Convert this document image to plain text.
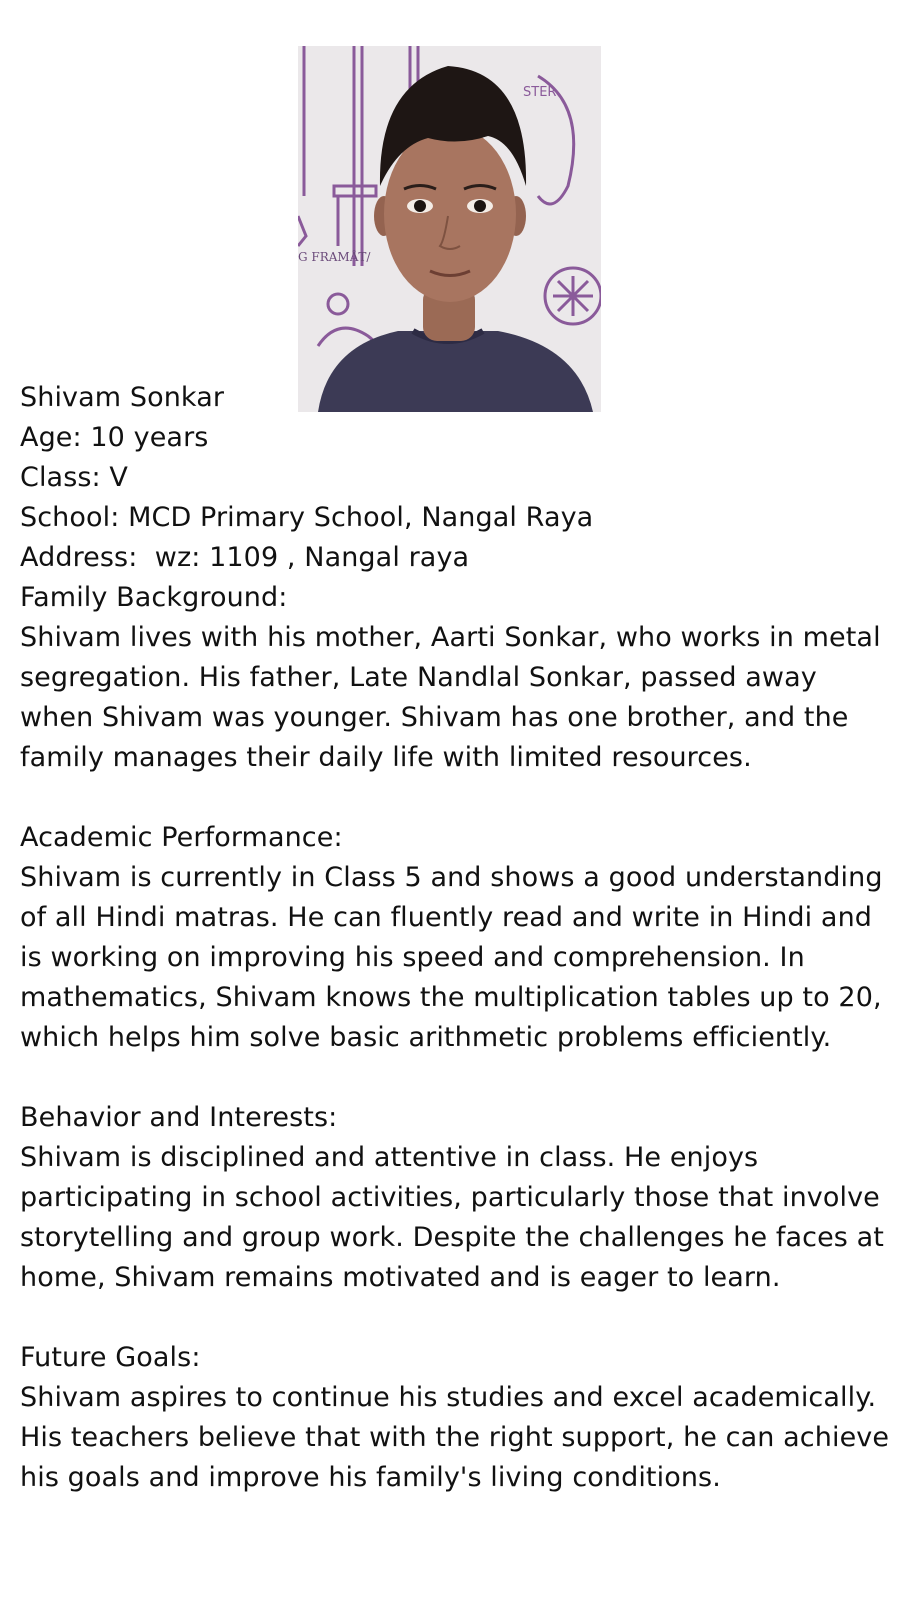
STER
G FRAMÅT/
Shivam Sonkar
Age: 10 years
Class: V
School: MCD Primary School, Nangal Raya
Address:  wz: 1109 , Nangal raya
Family Background:
Shivam lives with his mother, Aarti Sonkar, who works in metal segregation. His father, Late Nandlal Sonkar, passed away when Shivam was younger. Shivam has one brother, and the family manages their daily life with limited resources.
Academic Performance:
Shivam is currently in Class 5 and shows a good understanding of all Hindi matras. He can fluently read and write in Hindi and is working on improving his speed and comprehension. In mathematics, Shivam knows the multiplication tables up to 20, which helps him solve basic arithmetic problems efficiently.
Behavior and Interests:
Shivam is disciplined and attentive in class. He enjoys participating in school activities, particularly those that involve storytelling and group work. Despite the challenges he faces at home, Shivam remains motivated and is eager to learn.
Future Goals:
Shivam aspires to continue his studies and excel academically. His teachers believe that with the right support, he can achieve his goals and improve his family's living conditions.
